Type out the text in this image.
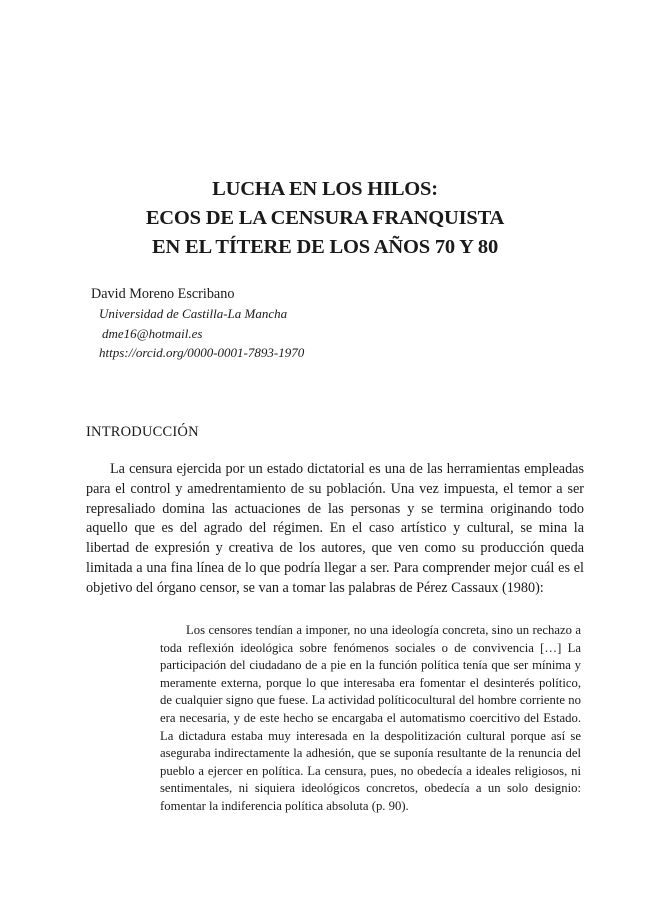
LUCHA EN LOS HILOS:
ECOS DE LA CENSURA FRANQUISTA
EN EL TÍTERE DE LOS AÑOS 70 Y 80
David Moreno Escribano
Universidad de Castilla-La Mancha
dme16@hotmail.es
https://orcid.org/0000-0001-7893-1970
INTRODUCCIÓN

La censura ejercida por un estado dictatorial es una de las herramientas empleadas para el control y amedrentamiento de su población. Una vez impuesta, el temor a ser represaliado domina las actuaciones de las personas y se termina originando todo aquello que es del agrado del régimen. En el caso artístico y cultural, se mina la libertad de expresión y creativa de los autores, que ven como su producción queda limitada a una fina línea de lo que podría llegar a ser. Para comprender mejor cuál es el objetivo del órgano censor, se van a tomar las palabras de Pérez Cassaux (1980):

Los censores tendían a imponer, no una ideología concreta, sino un rechazo a toda reflexión ideológica sobre fenómenos sociales o de convivencia […] La participación del ciudadano de a pie en la función política tenía que ser mínima y meramente externa, porque lo que interesaba era fomentar el desinterés político, de cualquier signo que fuese. La actividad políticocultural del hombre corriente no era necesaria, y de este hecho se encargaba el automatismo coercitivo del Estado. La dictadura estaba muy interesada en la despolitización cultural porque así se aseguraba indirectamente la adhesión, que se suponía resultante de la renuncia del pueblo a ejercer en política. La censura, pues, no obedecía a ideales religiosos, ni sentimentales, ni siquiera ideológicos concretos, obedecía a un solo designio: fomentar la indiferencia política absoluta (p. 90).
